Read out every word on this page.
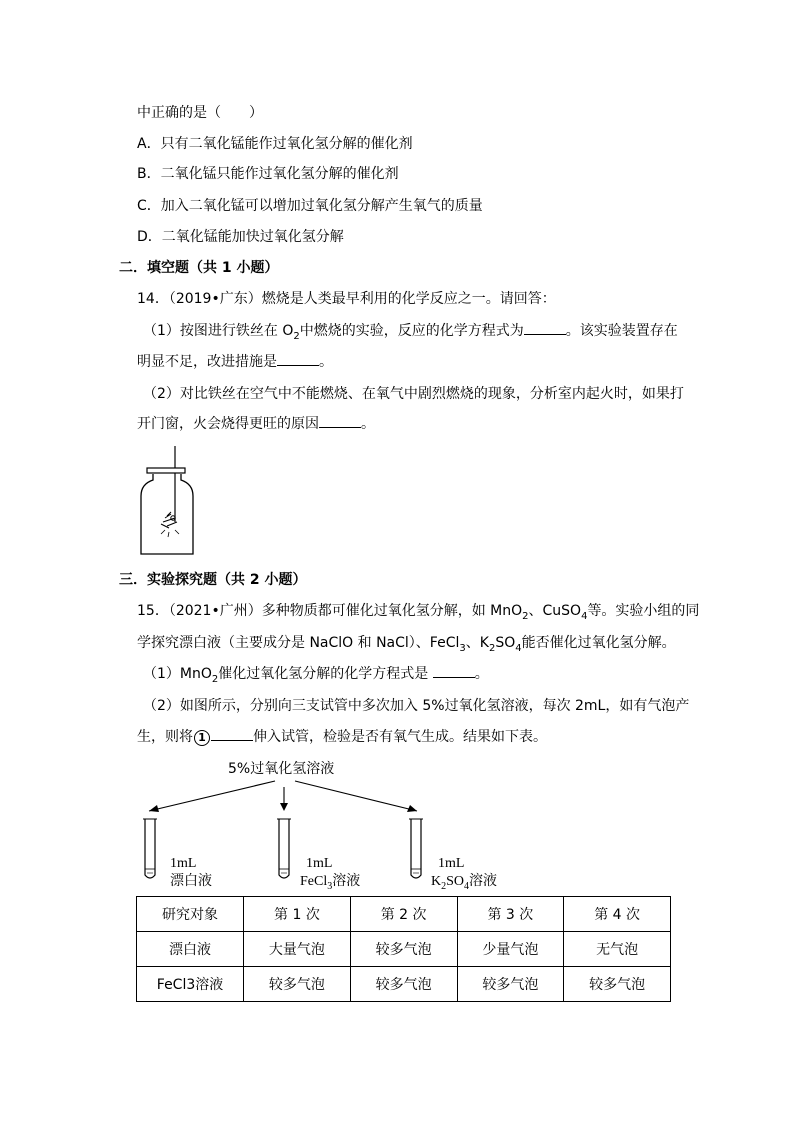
中正确的是（　　）
A．只有二氧化锰能作过氧化氢分解的催化剂
B．二氧化锰只能作过氧化氢分解的催化剂
C．加入二氧化锰可以增加过氧化氢分解产生氧气的质量
D．二氧化锰能加快过氧化氢分解
二．填空题（共 1 小题）
14．（2019•广东）燃烧是人类最早利用的化学反应之一。请回答：
（1）按图进行铁丝在 $O_2$中燃烧的实验，反应的化学方程式为	。该实验装置存在
明显不足，改进措施是	。
（2）对比铁丝在空气中不能燃烧、在氧气中剧烈燃烧的现象，分析室内起火时，如果打
开门窗，火会烧得更旺的原因	。
三．实验探究题（共 2 小题）
15．（2021•广州）多种物质都可催化过氧化氢分解，如 MnO$_2$、CuSO$_4$等。实验小组的同
学探究漂白液（主要成分是 NaClO 和 NaCl）、FeCl$_3$、$K_2SO_4$能否催化过氧化氢分解。
（1）MnO$_2$催化过氧化氢分解的化学方程式是	。
（2）如图所示，分别向三支试管中多次加入 5%过氧化氢溶液，每次 2mL，如有气泡产
生，则将 1	伸入试管，检验是否有氧气生成。结果如下表。
5%过氧化氢溶液
1mL
漂白液
1mL
FeCl$_3$溶液
1mL
$K_2SO_4$溶液
研究对象	第 1 次	第 2 次	第 3 次	第 4 次
漂白液	大量气泡	较多气泡	少量气泡	无气泡
FeCl3溶液	较多气泡	较多气泡	较多气泡	较多气泡
